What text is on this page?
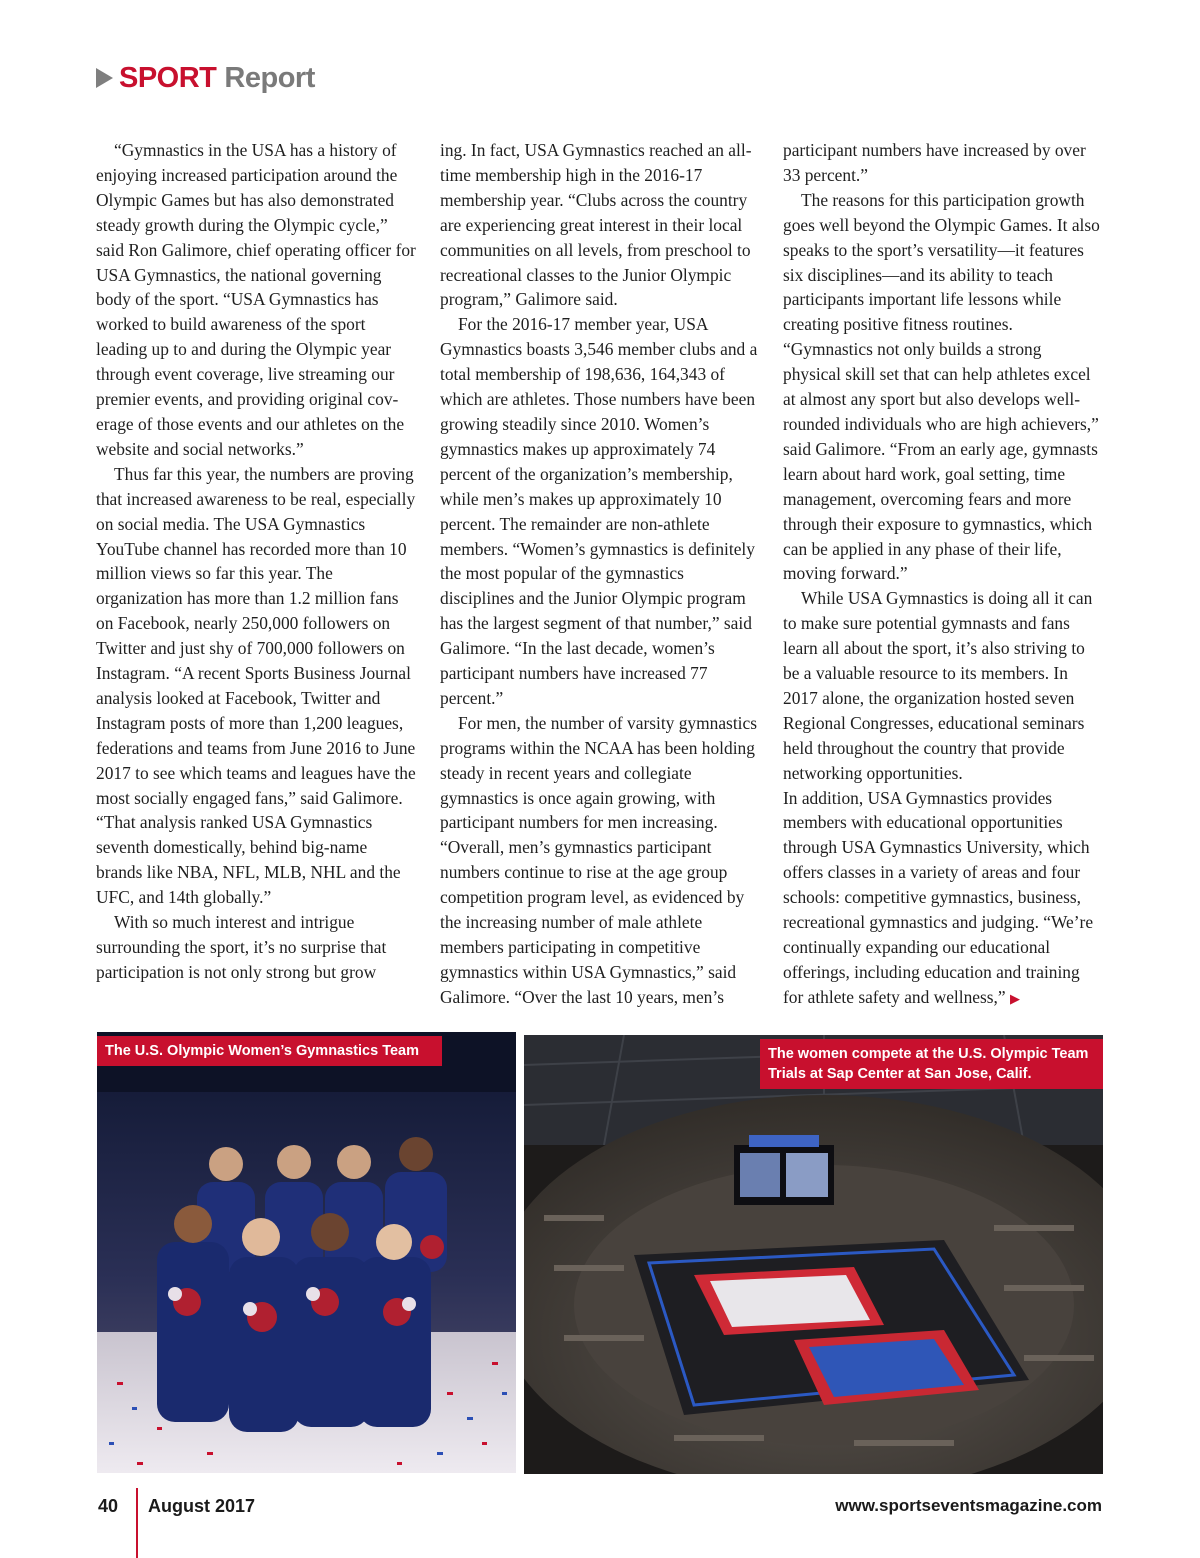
SPORT Report

“Gymnastics in the USA has a history of enjoying increased participation around the Olympic Games but has also demonstrated steady growth during the Olympic cycle,” said Ron Galimore, chief operating officer for USA Gymnastics, the national governing body of the sport. “USA Gymnastics has worked to build awareness of the sport leading up to and during the Olympic year through event coverage, live streaming our premier events, and providing original coverage of those events and our athletes on the website and social networks.”

Thus far this year, the numbers are proving that increased awareness to be real, especially on social media. The USA Gymnastics YouTube channel has recorded more than 10 million views so far this year. The organization has more than 1.2 million fans on Facebook, nearly 250,000 followers on Twitter and just shy of 700,000 followers on Instagram. “A recent Sports Business Journal analysis looked at Facebook, Twitter and Instagram posts of more than 1,200 leagues, federations and teams from June 2016 to June 2017 to see which teams and leagues have the most socially engaged fans,” said Galimore. “That analysis ranked USA Gymnastics seventh domestically, behind big-name brands like NBA, NFL, MLB, NHL and the UFC, and 14th globally.”

With so much interest and intrigue surrounding the sport, it’s no surprise that participation is not only strong but grow

ing. In fact, USA Gymnastics reached an all-time membership high in the 2016-17 membership year. “Clubs across the country are experiencing great interest in their local communities on all levels, from preschool to recreational classes to the Junior Olympic program,” Galimore said.

For the 2016-17 member year, USA Gymnastics boasts 3,546 member clubs and a total membership of 198,636, 164,343 of which are athletes. Those numbers have been growing steadily since 2010. Women’s gymnastics makes up approximately 74 percent of the organization’s membership, while men’s makes up approximately 10 percent. The remainder are non-athlete members. “Women’s gymnastics is definitely the most popular of the gymnastics disciplines and the Junior Olympic program has the largest segment of that number,” said Galimore. “In the last decade, women’s participant numbers have increased 77 percent.”

For men, the number of varsity gymnastics programs within the NCAA has been holding steady in recent years and collegiate gymnastics is once again growing, with participant numbers for men increasing. “Overall, men’s gymnastics participant numbers continue to rise at the age group competition program level, as evidenced by the increasing number of male athlete members participating in competitive gymnastics within USA Gymnastics,” said Galimore. “Over the last 10 years, men’s

participant numbers have increased by over 33 percent.”

The reasons for this participation growth goes well beyond the Olympic Games. It also speaks to the sport’s versatility—it features six disciplines—and its ability to teach participants important life lessons while creating positive fitness routines. “Gymnastics not only builds a strong physical skill set that can help athletes excel at almost any sport but also develops well-rounded individuals who are high achievers,” said Galimore. “From an early age, gymnasts learn about hard work, goal setting, time management, overcoming fears and more through their exposure to gymnastics, which can be applied in any phase of their life, moving forward.”

While USA Gymnastics is doing all it can to make sure potential gymnasts and fans learn all about the sport, it’s also striving to be a valuable resource to its members. In 2017 alone, the organization hosted seven Regional Congresses, educational seminars held throughout the country that provide networking opportunities.

In addition, USA Gymnastics provides members with educational opportunities through USA Gymnastics University, which offers classes in a variety of areas and four schools: competitive gymnastics, business, recreational gymnastics and judging. “We’re continually expanding our educational offerings, including education and training for athlete safety and wellness,” ▶

The U.S. Olympic Women’s Gymnastics Team	The women compete at the U.S. Olympic Team Trials at Sap Center at San Jose, Calif.
40 August 2017	www.sportseventsmagazine.com
